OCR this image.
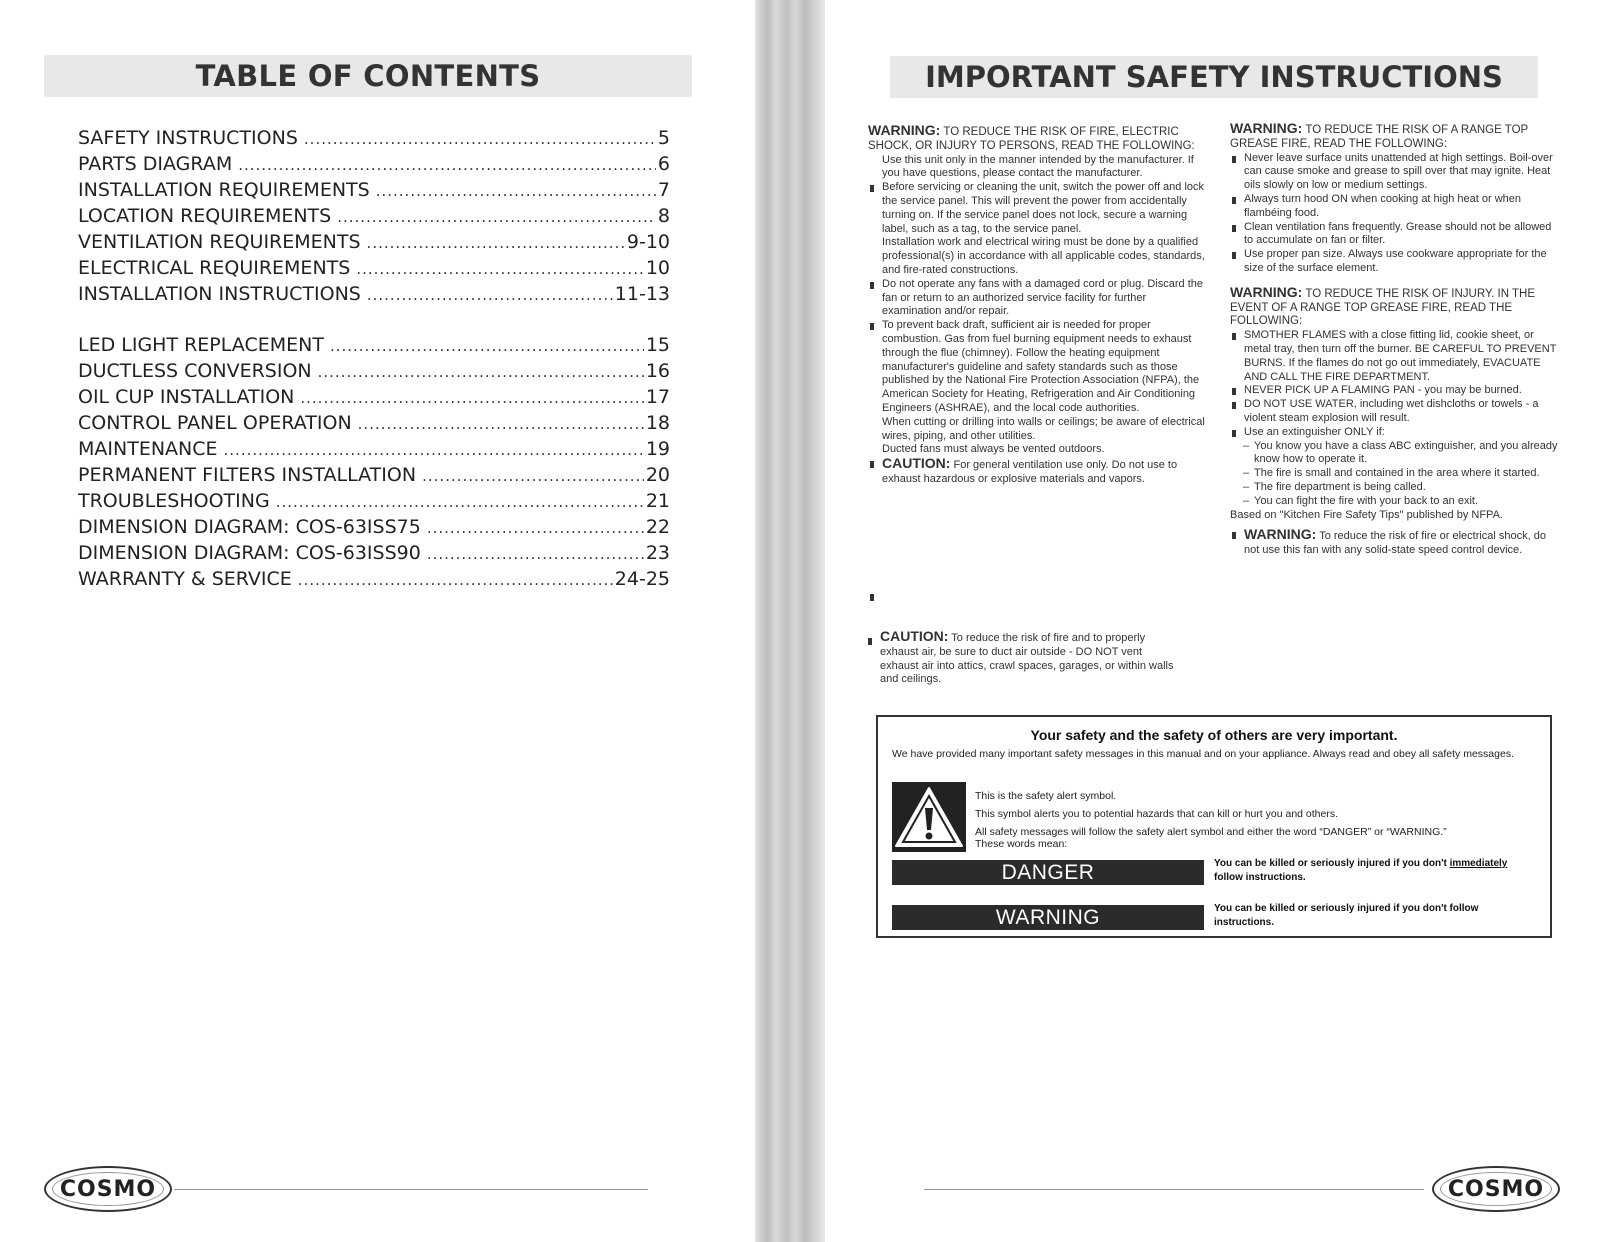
TABLE OF CONTENTS
SAFETY INSTRUCTIONS .....	5
PARTS DIAGRAM .....	6
INSTALLATION REQUIREMENTS .....	7
LOCATION REQUIREMENTS .....	8
VENTILATION REQUIREMENTS .....	9-10
ELECTRICAL REQUIREMENTS .....	10
INSTALLATION INSTRUCTIONS .....	11-13
LED LIGHT REPLACEMENT .....	15
DUCTLESS CONVERSION .....	16
OIL CUP INSTALLATION .....	17
CONTROL PANEL OPERATION .....	18
MAINTENANCE .....	19
PERMANENT FILTERS INSTALLATION .....	20
TROUBLESHOOTING .....	21
DIMENSION DIAGRAM: COS-63ISS75 .....	22
DIMENSION DIAGRAM: COS-63ISS90 .....	23
WARRANTY & SERVICE .....	24-25
COSMO
IMPORTANT SAFETY INSTRUCTIONS

WARNING: TO REDUCE THE RISK OF FIRE, ELECTRIC SHOCK, OR INJURY TO PERSONS, READ THE FOLLOWING:

Use this unit only in the manner intended by the manufacturer. If you have questions, please contact the manufacturer.

Before servicing or cleaning the unit, switch the power off and lock the service panel. This will prevent the power from accidentally turning on. If the service panel does not lock, secure a warning label, such as a tag, to the service panel.

Installation work and electrical wiring must be done by a qualified professional(s) in accordance with all applicable codes, standards, and fire-rated constructions.

Do not operate any fans with a damaged cord or plug. Discard the fan or return to an authorized service facility for further examination and/or repair.

To prevent back draft, sufficient air is needed for proper combustion. Gas from fuel burning equipment needs to exhaust through the flue (chimney). Follow the heating equipment manufacturer's guideline and safety standards such as those published by the National Fire Protection Association (NFPA), the American Society for Heating, Refrigeration and Air Conditioning Engineers (ASHRAE), and the local code authorities.

When cutting or drilling into walls or ceilings; be aware of electrical wires, piping, and other utilities.

Ducted fans must always be vented outdoors.

CAUTION: For general ventilation use only. Do not use to exhaust hazardous or explosive materials and vapors.

CAUTION: To reduce the risk of fire and to properly exhaust air, be sure to duct air outside - DO NOT vent exhaust air into attics, crawl spaces, garages, or within walls and ceilings.

WARNING: TO REDUCE THE RISK OF A RANGE TOP GREASE FIRE, READ THE FOLLOWING:

Never leave surface units unattended at high settings. Boil-over can cause smoke and grease to spill over that may ignite. Heat oils slowly on low or medium settings.

Always turn hood ON when cooking at high heat or when flambéing food.

Clean ventilation fans frequently. Grease should not be allowed to accumulate on fan or filter.

Use proper pan size. Always use cookware appropriate for the size of the surface element.

WARNING: TO REDUCE THE RISK OF INJURY. IN THE EVENT OF A RANGE TOP GREASE FIRE, READ THE FOLLOWING:

SMOTHER FLAMES with a close fitting lid, cookie sheet, or metal tray, then turn off the burner. BE CAREFUL TO PREVENT BURNS. If the flames do not go out immediately, EVACUATE AND CALL THE FIRE DEPARTMENT.

NEVER PICK UP A FLAMING PAN - you may be burned.

DO NOT USE WATER, including wet dishcloths or towels - a violent steam explosion will result.

Use an extinguisher ONLY if:

– You know you have a class ABC extinguisher, and you already know how to operate it.

– The fire is small and contained in the area where it started.

– The fire department is being called.

– You can fight the fire with your back to an exit.

Based on "Kitchen Fire Safety Tips" published by NFPA.

WARNING: To reduce the risk of fire or electrical shock, do not use this fan with any solid-state speed control device.

Your safety and the safety of others are very important.
We have provided many important safety messages in this manual and on your appliance. Always read and obey all safety messages.

This is the safety alert symbol.

This symbol alerts you to potential hazards that can kill or hurt you and others.

All safety messages will follow the safety alert symbol and either the word “DANGER” or “WARNING.”

These words mean:

DANGER	You can be killed or seriously injured if you don't immediately
follow instructions.
WARNING	You can be killed or seriously injured if you don't follow
instructions.
COSMO
